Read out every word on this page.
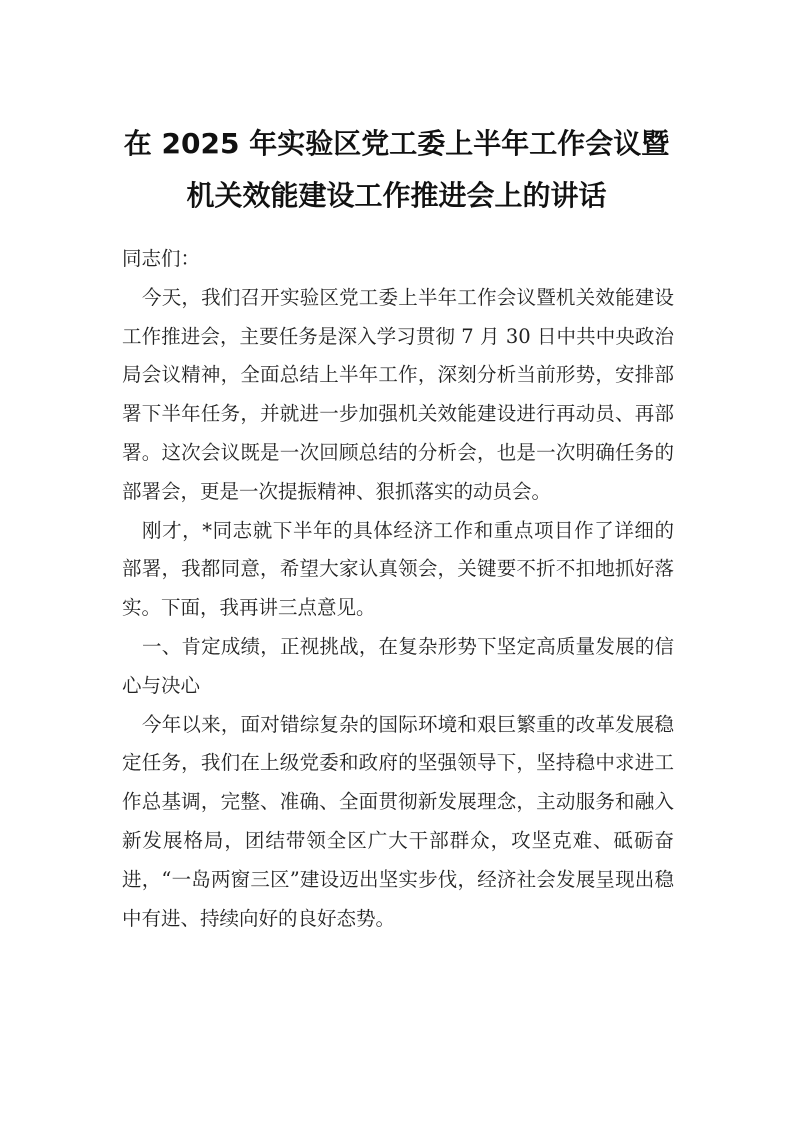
在 2025 年实验区党工委上半年工作会议暨
机关效能建设工作推进会上的讲话

同志们：

今天，我们召开实验区党工委上半年工作会议暨机关效能建设工作推进会，主要任务是深入学习贯彻 7 月 30 日中共中央政治局会议精神，全面总结上半年工作，深刻分析当前形势，安排部署下半年任务，并就进一步加强机关效能建设进行再动员、再部署。这次会议既是一次回顾总结的分析会，也是一次明确任务的部署会，更是一次提振精神、狠抓落实的动员会。

刚才，*同志就下半年的具体经济工作和重点项目作了详细的部署，我都同意，希望大家认真领会，关键要不折不扣地抓好落实。下面，我再讲三点意见。

一、肯定成绩，正视挑战，在复杂形势下坚定高质量发展的信心与决心

今年以来，面对错综复杂的国际环境和艰巨繁重的改革发展稳定任务，我们在上级党委和政府的坚强领导下，坚持稳中求进工作总基调，完整、准确、全面贯彻新发展理念，主动服务和融入新发展格局，团结带领全区广大干部群众，攻坚克难、砥砺奋进，“一岛两窗三区”建设迈出坚实步伐，经济社会发展呈现出稳中有进、持续向好的良好态势。
